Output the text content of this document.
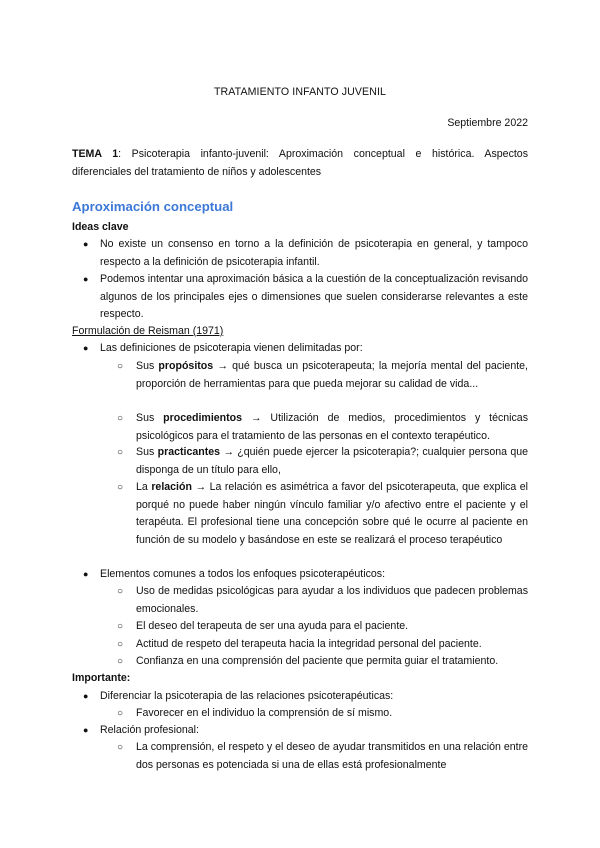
TRATAMIENTO INFANTO JUVENIL
Septiembre 2022
TEMA 1: Psicoterapia infanto-juvenil: Aproximación conceptual e histórica. Aspectos diferenciales del tratamiento de niños y adolescentes
Aproximación conceptual
Ideas clave
● No existe un consenso en torno a la definición de psicoterapia en general, y tampoco respecto a la definición de psicoterapia infantil.
● Podemos intentar una aproximación básica a la cuestión de la conceptualización revisando algunos de los principales ejes o dimensiones que suelen considerarse relevantes a este respecto.
Formulación de Reisman (1971)
● Las definiciones de psicoterapia vienen delimitadas por:
○ Sus propósitos → qué busca un psicoterapeuta; la mejoría mental del paciente, proporción de herramientas para que pueda mejorar su calidad de vida...
○ Sus procedimientos → Utilización de medios, procedimientos y técnicas psicológicos para el tratamiento de las personas en el contexto terapéutico.
○ Sus practicantes → ¿quién puede ejercer la psicoterapia?; cualquier persona que disponga de un título para ello,
○ La relación → La relación es asimétrica a favor del psicoterapeuta, que explica el porqué no puede haber ningún vínculo familiar y/o afectivo entre el paciente y el terapéuta. El profesional tiene una concepción sobre qué le ocurre al paciente en función de su modelo y basándose en este se realizará el proceso terapéutico
● Elementos comunes a todos los enfoques psicoterapéuticos:
○ Uso de medidas psicológicas para ayudar a los individuos que padecen problemas emocionales.
○ El deseo del terapeuta de ser una ayuda para el paciente.
○ Actitud de respeto del terapeuta hacia la integridad personal del paciente.
○ Confianza en una comprensión del paciente que permita guiar el tratamiento.
Importante:
● Diferenciar la psicoterapia de las relaciones psicoterapéuticas:
○ Favorecer en el individuo la comprensión de sí mismo.
● Relación profesional:
○ La comprensión, el respeto y el deseo de ayudar transmitidos en una relación entre dos personas es potenciada si una de ellas está profesionalmente
